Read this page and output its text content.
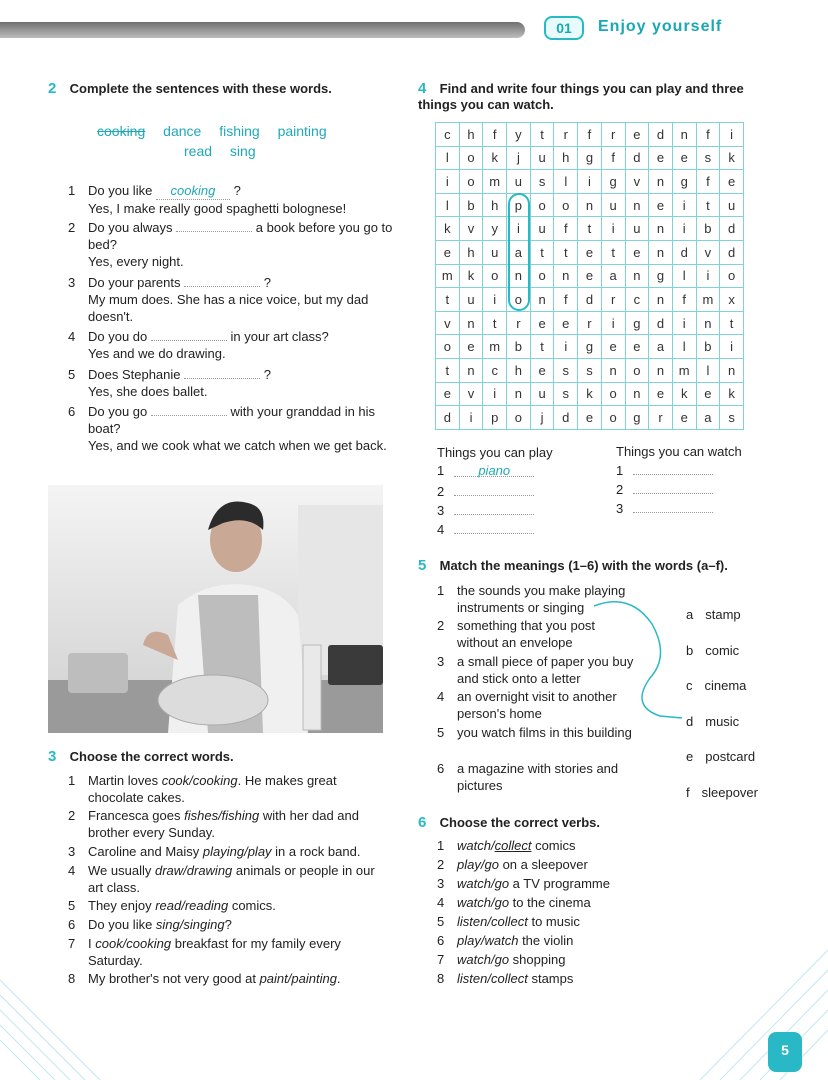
01	Enjoy yourself
2 Complete the sentences with these words.
cooking dance fishing painting
read sing
1 Do you like cooking ?
Yes, I make really good spaghetti bolognese!
2 Do you always	a book before you go to bed?
Yes, every night.
3 Do your parents	?
My mum does. She has a nice voice, but my dad doesn't.
4 Do you do	in your art class?
Yes and we do drawing.
5 Does Stephanie	?
Yes, she does ballet.
6 Do you go	with your granddad in his boat?
Yes, and we cook what we catch when we get back.
3 Choose the correct words.
1 Martin loves cook/cooking. He makes great chocolate cakes.
2 Francesca goes fishes/fishing with her dad and brother every Sunday.
3 Caroline and Maisy playing/play in a rock band.
4 We usually draw/drawing animals or people in our art class.
5 They enjoy read/reading comics.
6 Do you like sing/singing?
7 I cook/cooking breakfast for my family every Saturday.
8 My brother's not very good at paint/painting.
4 Find and write four things you can play and three things you can watch.
c	h	f	y	t	r	f	r	e	d	n	f	i
l	o	k	j	u	h	g	f	d	e	e	s	k
i	o	m	u	s	l	i	g	v	n	g	f	e
l	b	h	p	o	o	n	u	n	e	i	t	u
k	v	y	i	u	f	t	i	u	n	i	b	d
e	h	u	a	t	t	e	t	e	n	d	v	d
m	k	o	n	o	n	e	a	n	g	l	i	o
t	u	i	o	n	f	d	r	c	n	f	m	x
v	n	t	r	e	e	r	i	g	d	i	n	t
o	e	m	b	t	i	g	e	e	a	l	b	i
t	n	c	h	e	s	s	n	o	n	m	l	n
e	v	i	n	u	s	k	o	n	e	k	e	k
d	i	p	o	j	d	e	o	g	r	e	a	s
Things you can play	Things you can watch
1	piano
2
3
4
1
2
3
5 Match the meanings (1–6) with the words (a–f).
1 the sounds you make playing instruments or singing
2 something that you post without an envelope
3 a small piece of paper you buy and stick onto a letter
4 an overnight visit to another person's home
5 you watch films in this building
6 a magazine with stories and pictures
a stamp
b comic
c cinema
d music
e postcard
f sleepover
6 Choose the correct verbs.
1 watch/collect comics
2 play/go on a sleepover
3 watch/go a TV programme
4 watch/go to the cinema
5 listen/collect to music
6 play/watch the violin
7 watch/go shopping
8 listen/collect stamps
5
